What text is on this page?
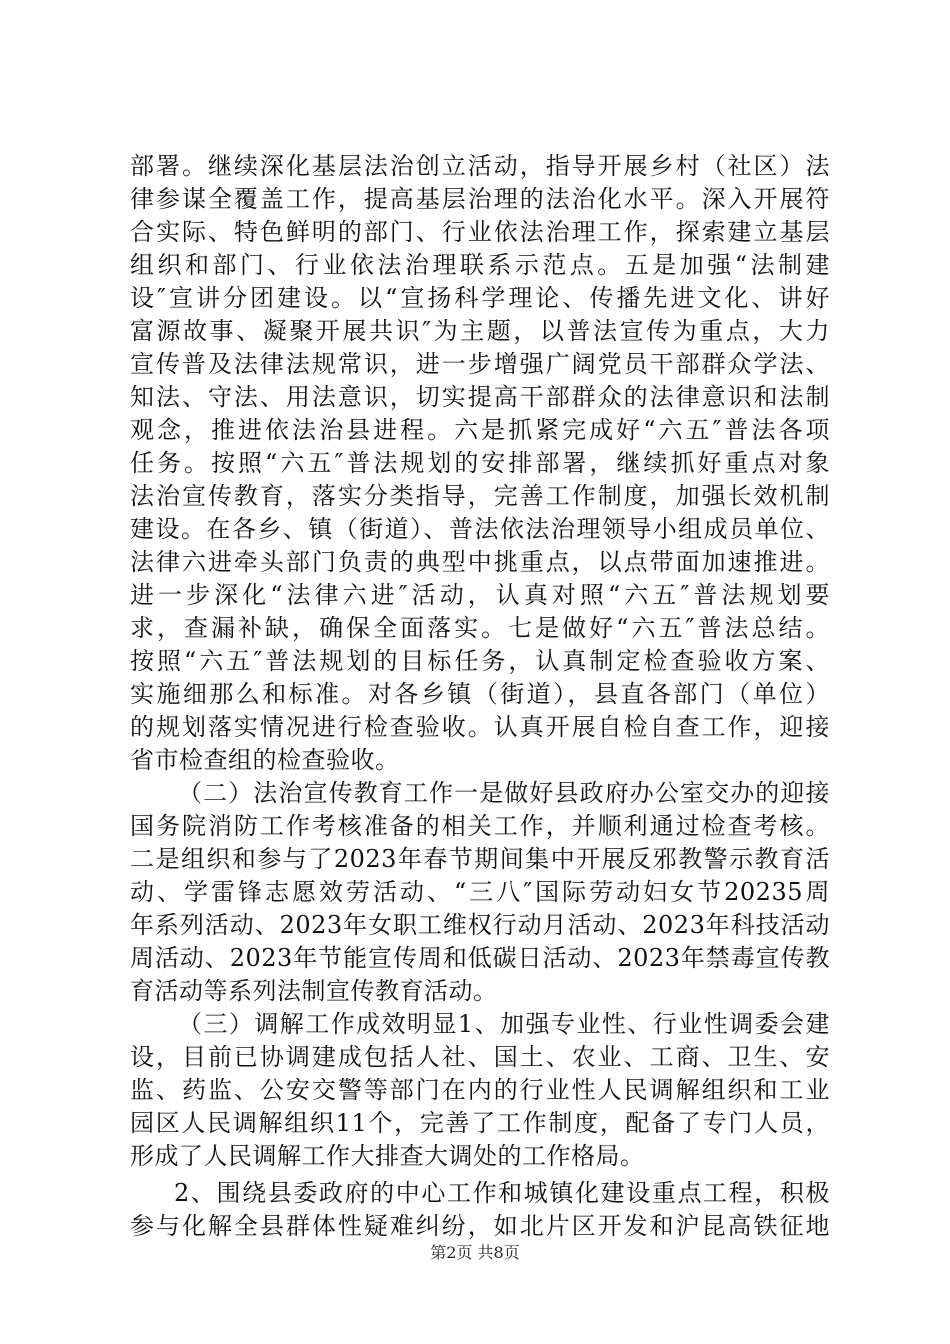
部署。继续深化基层法治创立活动，指导开展乡村（社区）法
律参谋全覆盖工作，提高基层治理的法治化水平。深入开展符
合实际、特色鲜明的部门、行业依法治理工作，探索建立基层
组织和部门、行业依法治理联系示范点。五是加强“法制建
设″宣讲分团建设。以“宣扬科学理论、传播先进文化、讲好
富源故事、凝聚开展共识″为主题，以普法宣传为重点，大力
宣传普及法律法规常识，进一步增强广阔党员干部群众学法、
知法、守法、用法意识，切实提高干部群众的法律意识和法制
观念，推进依法治县进程。六是抓紧完成好“六五″普法各项
任务。按照“六五″普法规划的安排部署，继续抓好重点对象
法治宣传教育，落实分类指导，完善工作制度，加强长效机制
建设。在各乡、镇（街道）、普法依法治理领导小组成员单位、
法律六进牵头部门负责的典型中挑重点，以点带面加速推进。
进一步深化“法律六进″活动，认真对照“六五″普法规划要
求，查漏补缺，确保全面落实。七是做好“六五″普法总结。
按照“六五″普法规划的目标任务，认真制定检查验收方案、
实施细那么和标准。对各乡镇（街道），县直各部门（单位）
的规划落实情况进行检查验收。认真开展自检自查工作，迎接
省市检查组的检查验收。
（二）法治宣传教育工作一是做好县政府办公室交办的迎接
国务院消防工作考核准备的相关工作，并顺利通过检查考核。
二是组织和参与了2023年春节期间集中开展反邪教警示教育活
动、学雷锋志愿效劳活动、“三八″国际劳动妇女节20235周
年系列活动、2023年女职工维权行动月活动、2023年科技活动
周活动、2023年节能宣传周和低碳日活动、2023年禁毒宣传教
育活动等系列法制宣传教育活动。
（三）调解工作成效明显1、加强专业性、行业性调委会建
设，目前已协调建成包括人社、国土、农业、工商、卫生、安
监、药监、公安交警等部门在内的行业性人民调解组织和工业
园区人民调解组织11个，完善了工作制度，配备了专门人员，
形成了人民调解工作大排查大调处的工作格局。
2、围绕县委政府的中心工作和城镇化建设重点工程，积极
参与化解全县群体性疑难纠纷，如北片区开发和沪昆高铁征地
第2页 共8页
